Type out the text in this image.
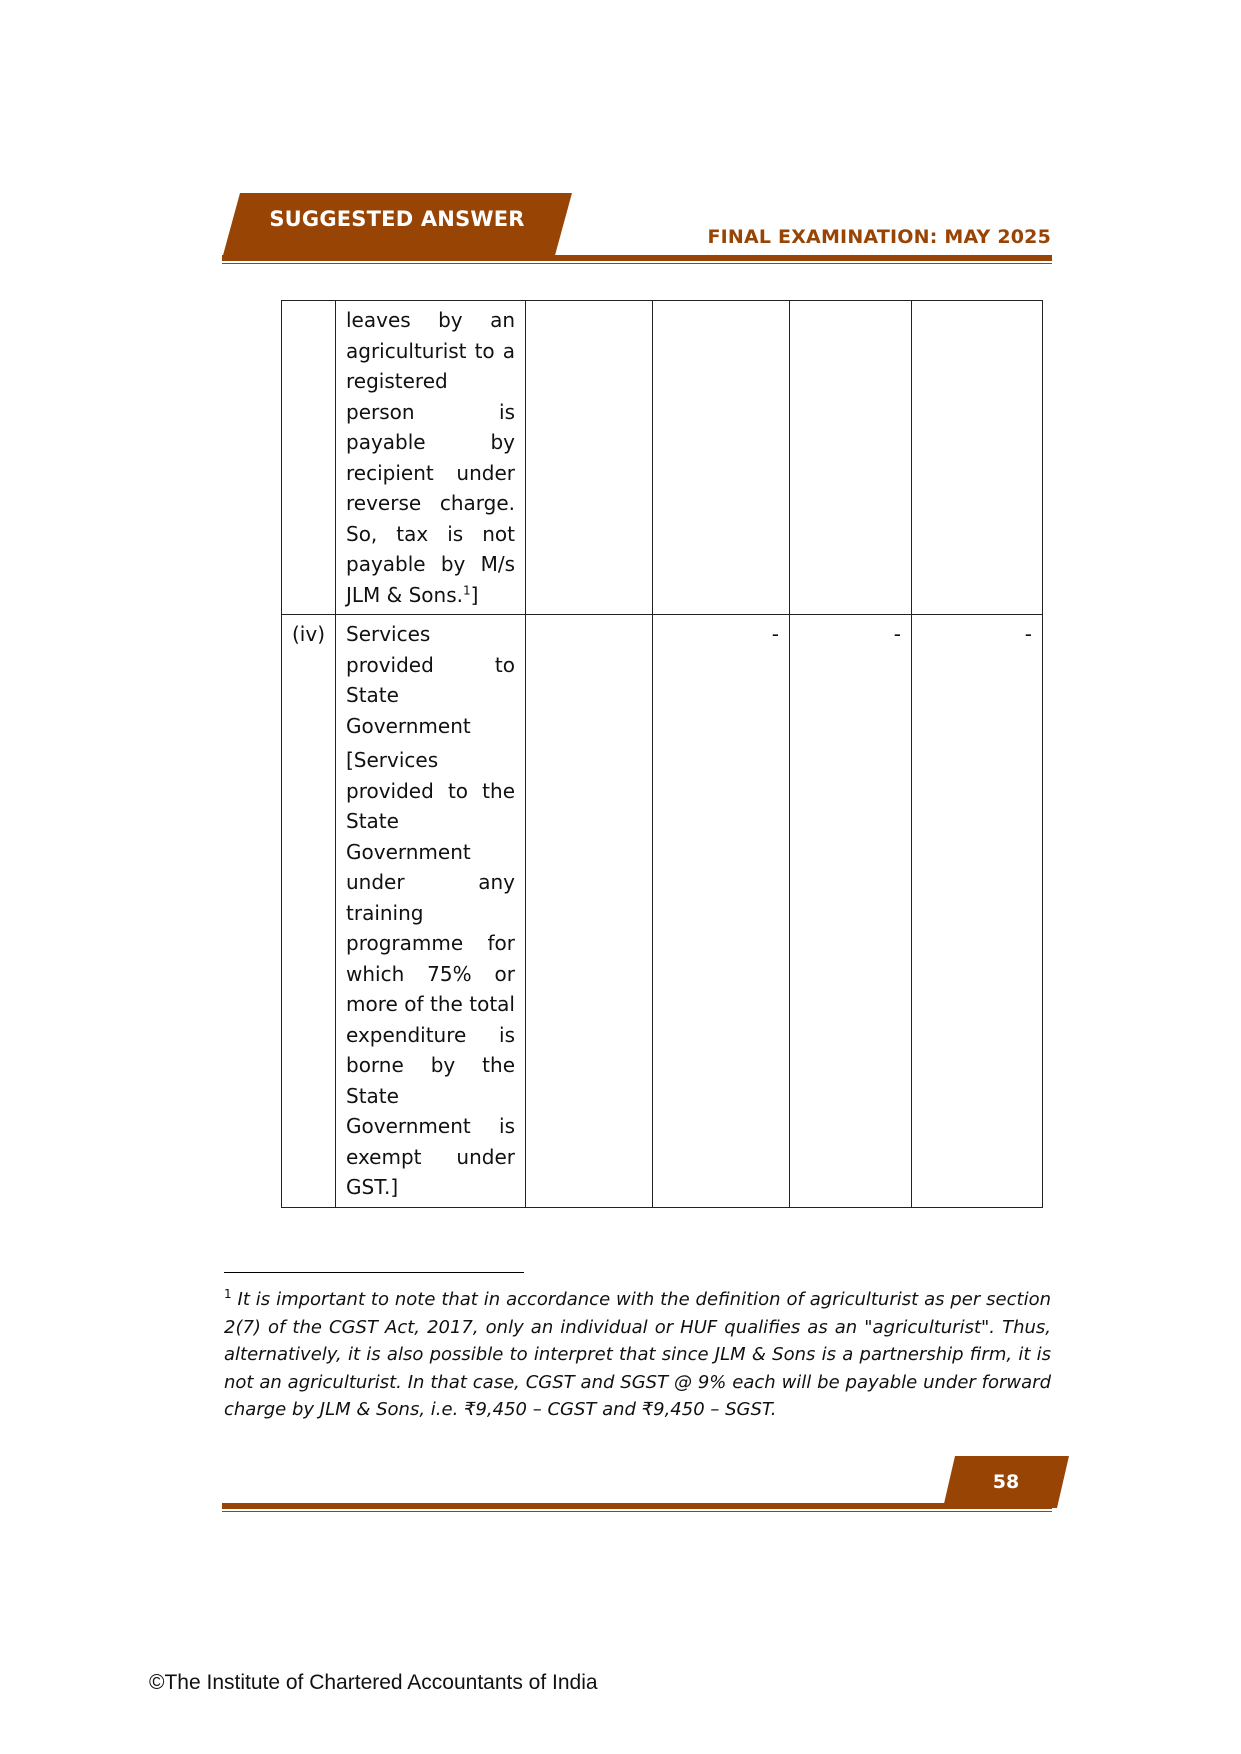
SUGGESTED ANSWER
FINAL EXAMINATION: MAY 2025

	leaves by an agriculturist to a registered person is payable by recipient under reverse charge. So, tax is not payable by M/s JLM & Sons.$^1$]				

(iv)	Services provided to State Government

[Services provided to the State Government under any training programme for which 75% or more of the total expenditure is borne by the State Government is exempt under GST.]		-	-	-
$^1$ It is important to note that in accordance with the definition of agriculturist as per section 2(7) of the CGST Act, 2017, only an individual or HUF qualifies as an "agriculturist". Thus, alternatively, it is also possible to interpret that since JLM & Sons is a partnership firm, it is not an agriculturist. In that case, CGST and SGST @ 9% each will be payable under forward charge by JLM & Sons, i.e. ₹9,450 – CGST and ₹9,450 – SGST.
58
©The Institute of Chartered Accountants of India
